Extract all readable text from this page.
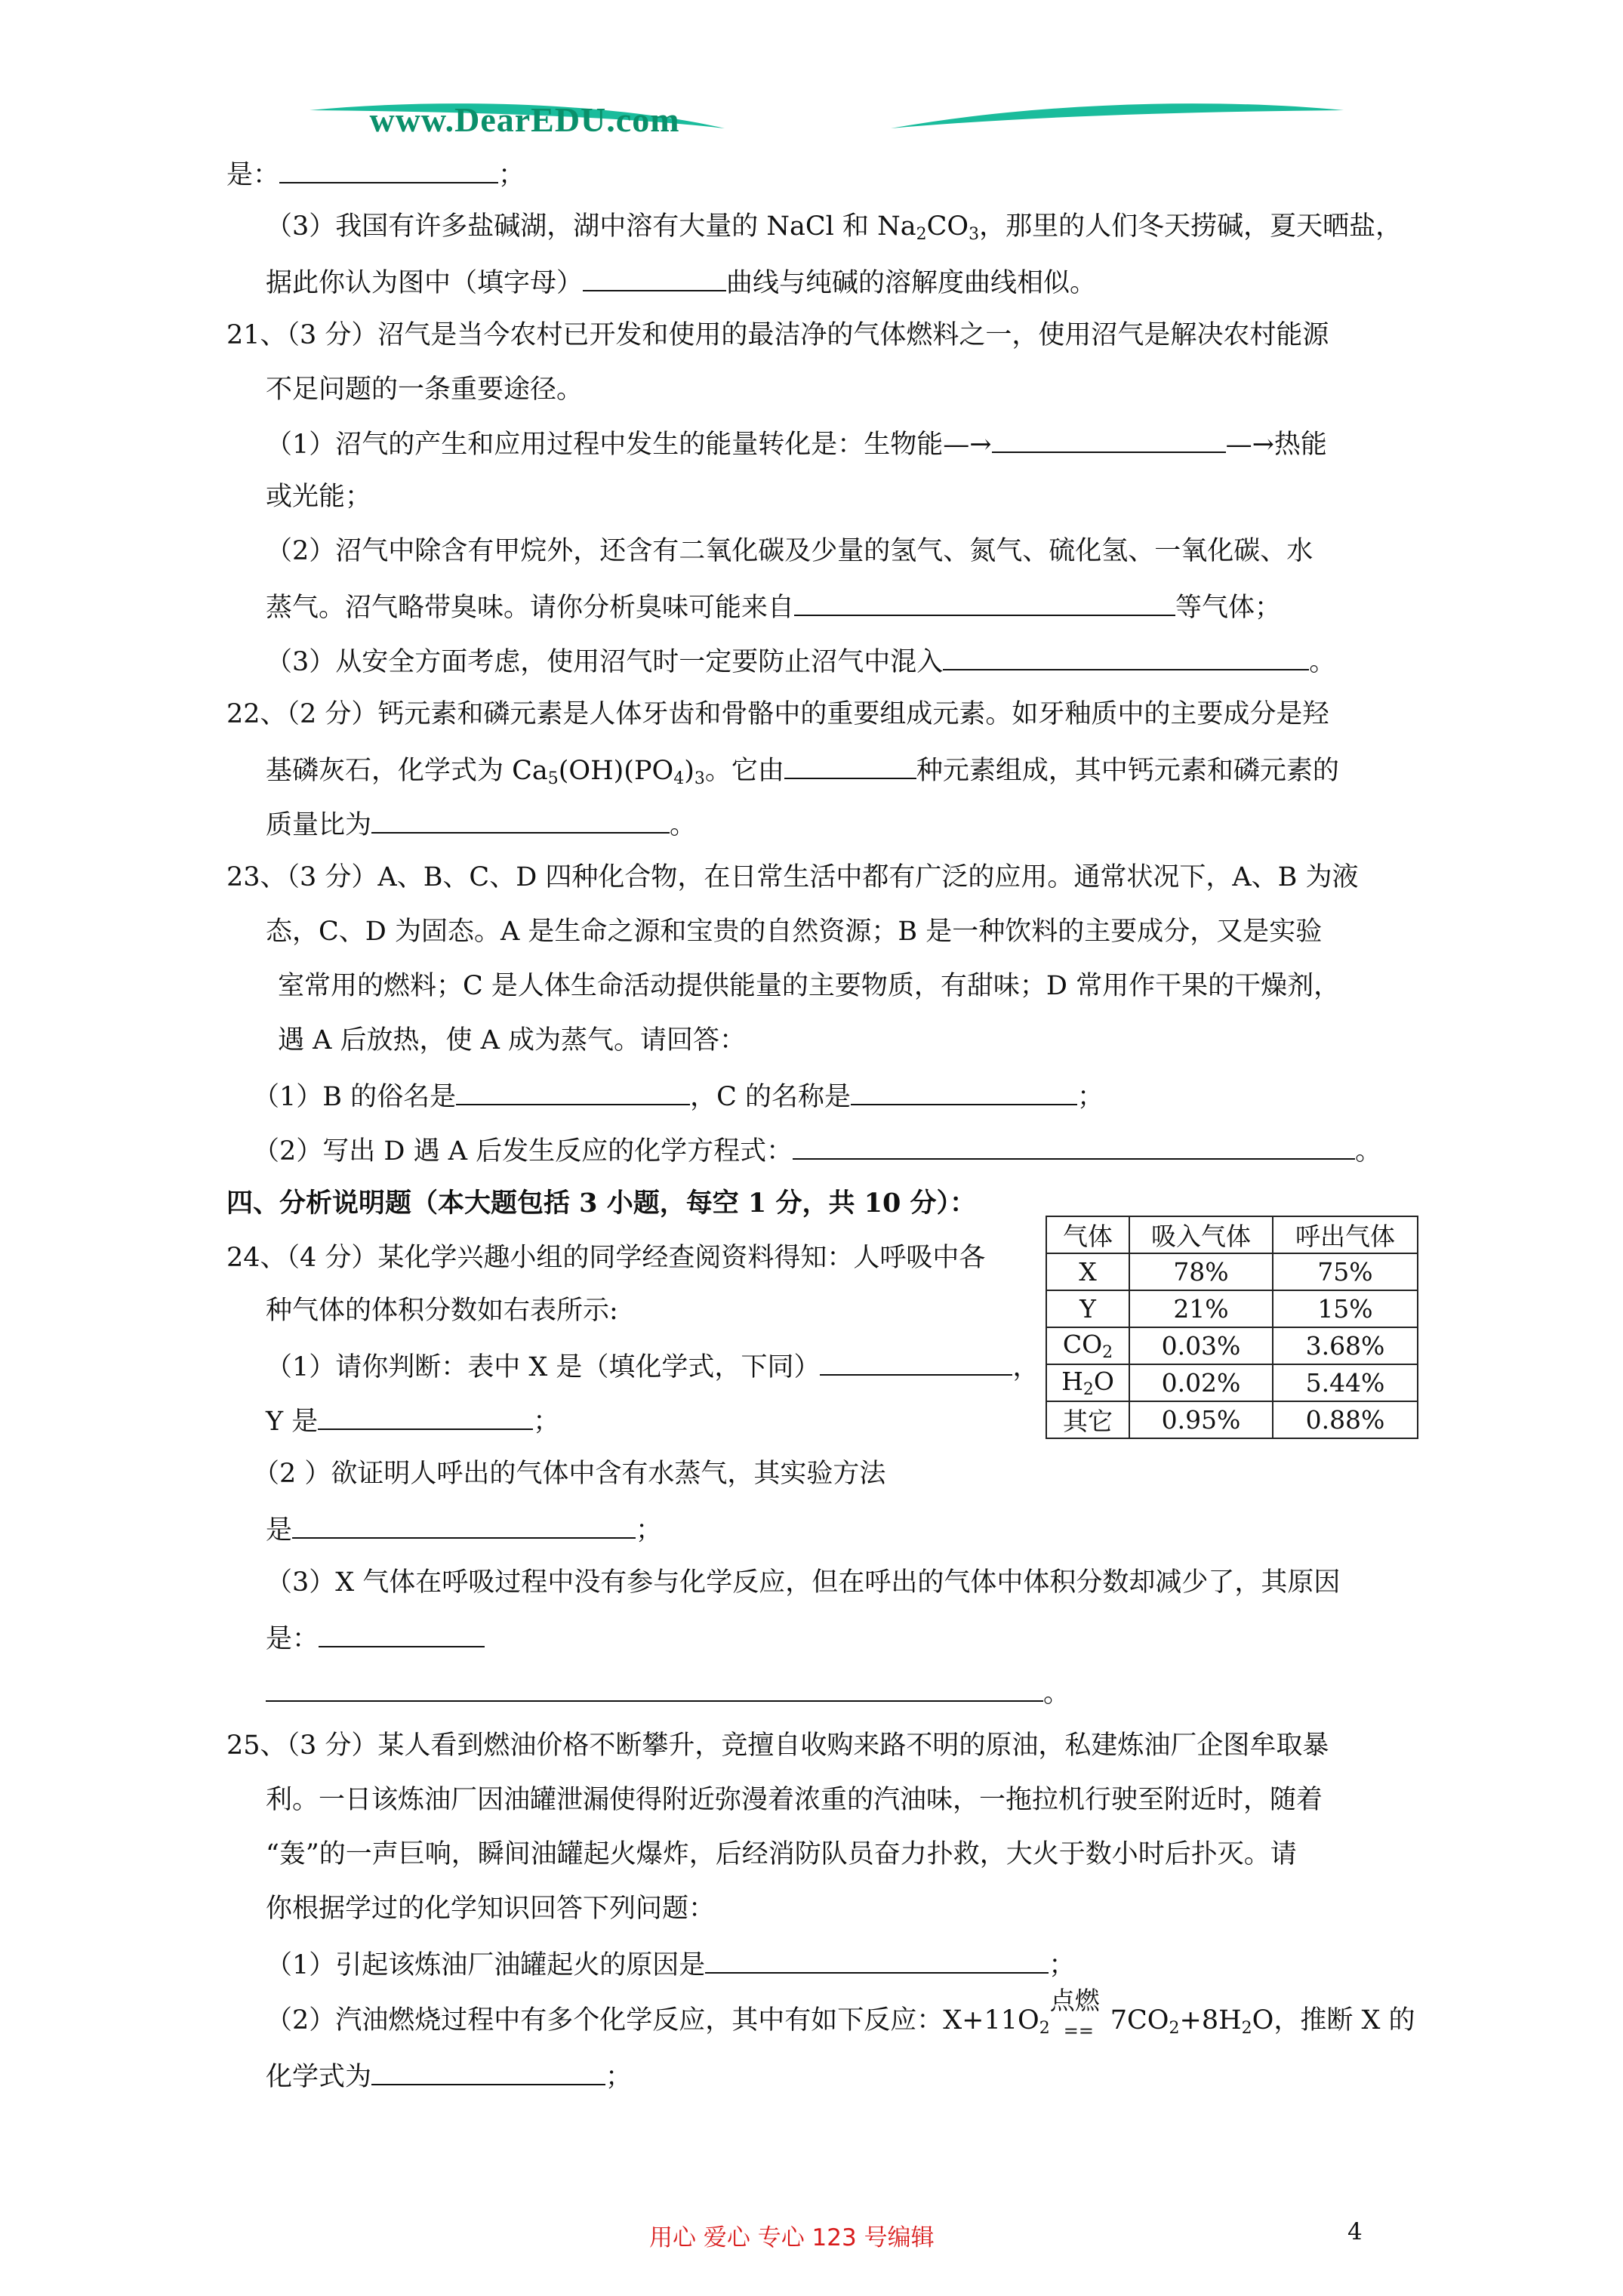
www.DearEDU.com
是：	；
（3）我国有许多盐碱湖，湖中溶有大量的 NaCl 和 $Na_2CO_3$，那里的人们冬天捞碱，夏天晒盐，
据此你认为图中（填字母）	曲线与纯碱的溶解度曲线相似。
21、（3 分）沼气是当今农村已开发和使用的最洁净的气体燃料之一，使用沼气是解决农村能源
不足问题的一条重要途径。
（1）沼气的产生和应用过程中发生的能量转化是：生物能—→	—→热能
或光能；
（2）沼气中除含有甲烷外，还含有二氧化碳及少量的氢气、氮气、硫化氢、一氧化碳、水
蒸气。沼气略带臭味。请你分析臭味可能来自	等气体；
（3）从安全方面考虑，使用沼气时一定要防止沼气中混入	。
22、（2 分）钙元素和磷元素是人体牙齿和骨骼中的重要组成元素。如牙釉质中的主要成分是羟
基磷灰石，化学式为 $Ca_5(OH)(PO_4)_3$。它由	种元素组成，其中钙元素和磷元素的
质量比为	。
23、（3 分）A、B、C、D 四种化合物，在日常生活中都有广泛的应用。通常状况下，A、B 为液
态，C、D 为固态。A 是生命之源和宝贵的自然资源；B 是一种饮料的主要成分，又是实验
室常用的燃料；C 是人体生命活动提供能量的主要物质，有甜味；D 常用作干果的干燥剂，
遇 A 后放热，使 A 成为蒸气。请回答：
（1）B 的俗名是	，C 的名称是	；
（2）写出 D 遇 A 后发生反应的化学方程式：	。
四、分析说明题（本大题包括 3 小题，每空 1 分，共 10 分）：
24、（4 分）某化学兴趣小组的同学经查阅资料得知：人呼吸中各
种气体的体积分数如右表所示:
（1）请你判断：表中 X 是（填化学式，下同）	，
Y 是	；
（2 ）欲证明人呼出的气体中含有水蒸气，其实验方法
是	；
（3）X 气体在呼吸过程中没有参与化学反应，但在呼出的气体中体积分数却减少了，其原因
是：
。
气体	吸入气体	呼出气体
X	78%	75%
Y	21%	15%
$CO_2$	0.03%	3.68%
$H_2O$	0.02%	5.44%
其它	0.95%	0.88%
25、（3 分）某人看到燃油价格不断攀升，竞擅自收购来路不明的原油，私建炼油厂企图牟取暴
利。一日该炼油厂因油罐泄漏使得附近弥漫着浓重的汽油味，一拖拉机行驶至附近时，随着
“轰”的一声巨响，瞬间油罐起火爆炸，后经消防队员奋力扑救，大火于数小时后扑灭。请
你根据学过的化学知识回答下列问题：
（1）引起该炼油厂油罐起火的原因是	；
（2）汽油燃烧过程中有多个化学反应，其中有如下反应：$X+11O_2$
点燃
== $7CO_2+8H_2O$，推断 X 的
化学式为	；
用心 爱心 专心 123 号编辑	4
